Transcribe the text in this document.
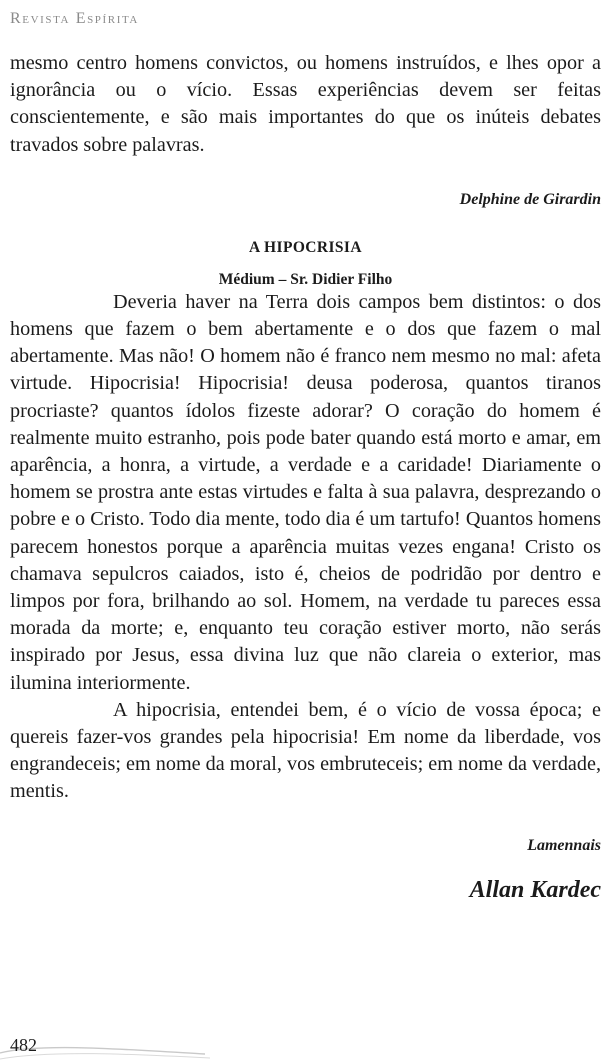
Revista Espírita

mesmo centro homens convictos, ou homens instruídos, e lhes opor a ignorância ou o vício. Essas experiências devem ser feitas conscientemente, e são mais importantes do que os inúteis debates travados sobre palavras.

Delphine de Girardin

A HIPOCRISIA
Médium – Sr. Didier Filho

Deveria haver na Terra dois campos bem distintos: o dos homens que fazem o bem abertamente e o dos que fazem o mal abertamente. Mas não! O homem não é franco nem mesmo no mal: afeta virtude. Hipocrisia! Hipocrisia! deusa poderosa, quantos tiranos procriaste? quantos ídolos fizeste adorar? O coração do homem é realmente muito estranho, pois pode bater quando está morto e amar, em aparência, a honra, a virtude, a verdade e a caridade! Diariamente o homem se prostra ante estas virtudes e falta à sua palavra, desprezando o pobre e o Cristo. Todo dia mente, todo dia é um tartufo! Quantos homens parecem honestos porque a aparência muitas vezes engana! Cristo os chamava sepulcros caiados, isto é, cheios de podridão por dentro e limpos por fora, brilhando ao sol. Homem, na verdade tu pareces essa morada da morte; e, enquanto teu coração estiver morto, não serás inspirado por Jesus, essa divina luz que não clareia o exterior, mas ilumina interiormente.

A hipocrisia, entendei bem, é o vício de vossa época; e quereis fazer-vos grandes pela hipocrisia! Em nome da liberdade, vos engrandeceis; em nome da moral, vos embruteceis; em nome da verdade, mentis.

Lamennais

Allan Kardec
482
